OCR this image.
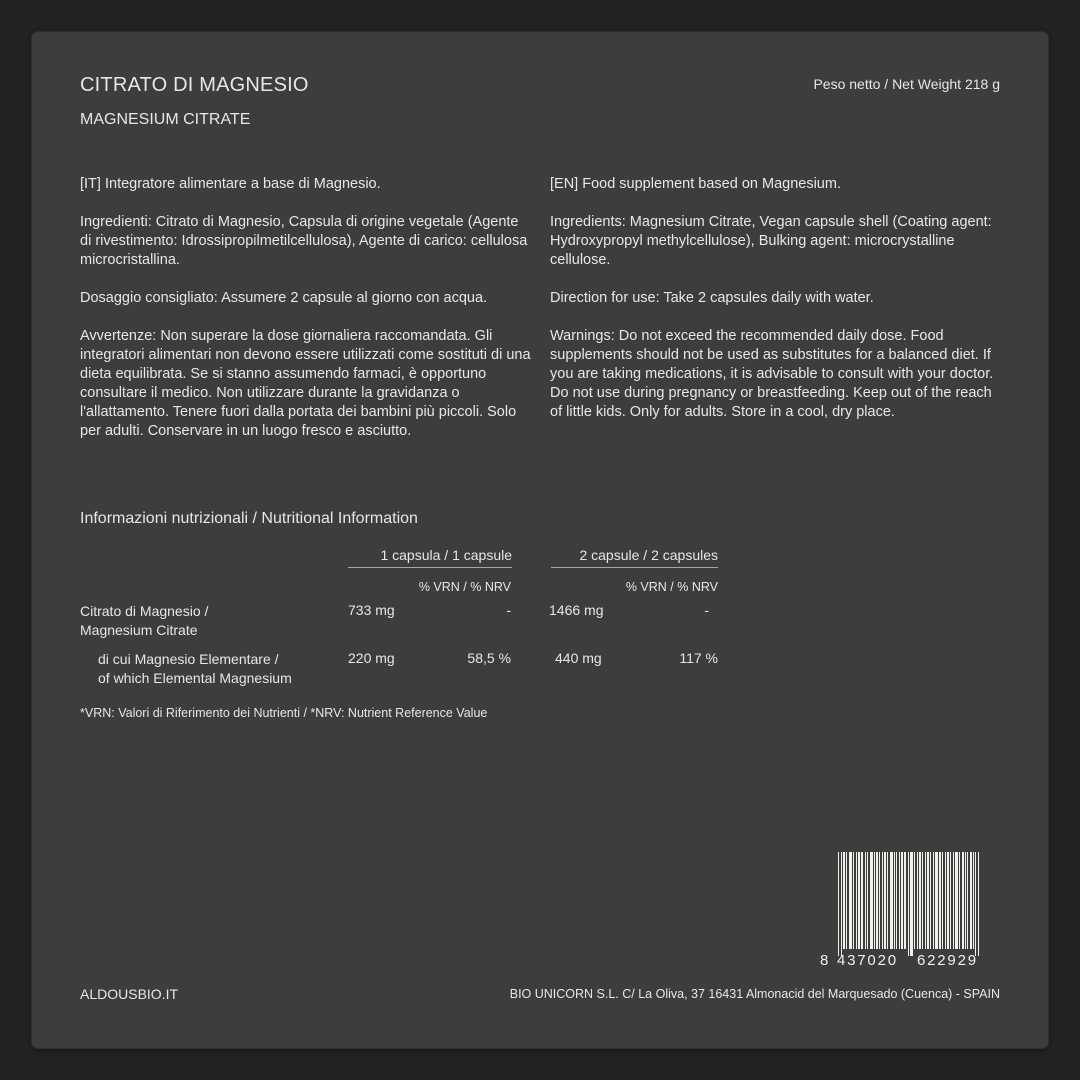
CITRATO DI MAGNESIO
MAGNESIUM CITRATE
Peso netto / Net Weight 218 g

[IT] Integratore alimentare a base di Magnesio.

Ingredienti: Citrato di Magnesio, Capsula di origine vegetale (Agente di rivestimento: Idrossipropilmetilcellulosa), Agente di carico: cellulosa microcristallina.

Dosaggio consigliato: Assumere 2 capsule al giorno con acqua.

Avvertenze: Non superare la dose giornaliera raccomandata. Gli integratori alimentari non devono essere utilizzati come sostituti di una dieta equilibrata. Se si stanno assumendo farmaci, è opportuno consultare il medico. Non utilizzare durante la gravidanza o l'allattamento. Tenere fuori dalla portata dei bambini più piccoli. Solo per adulti. Conservare in un luogo fresco e asciutto.

[EN] Food supplement based on Magnesium.

Ingredients: Magnesium Citrate, Vegan capsule shell (Coating agent: Hydroxypropyl methylcellulose), Bulking agent: microcrystalline cellulose.

Direction for use: Take 2 capsules daily with water.

Warnings: Do not exceed the recommended daily dose. Food supplements should not be used as substitutes for a balanced diet. If you are taking medications, it is advisable to consult with your doctor. Do not use during pregnancy or breastfeeding. Keep out of the reach of little kids. Only for adults. Store in a cool, dry place.

Informazioni nutrizionali / Nutritional Information
1 capsula / 1 capsule	2 capsule / 2 capsules
% VRN / % NRV	% VRN / % NRV
Citrato di Magnesio /
Magnesium Citrate
733 mg	-	1466 mg	-
di cui Magnesio Elementare /
of which Elemental Magnesium
220 mg	58,5 %	440 mg	117 %
*VRN: Valori di Riferimento dei Nutrienti / *NRV: Nutrient Reference Value
8 437020 622929
ALDOUSBIO.IT	BIO UNICORN S.L. C/ La Oliva, 37 16431 Almonacid del Marquesado (Cuenca) - SPAIN
